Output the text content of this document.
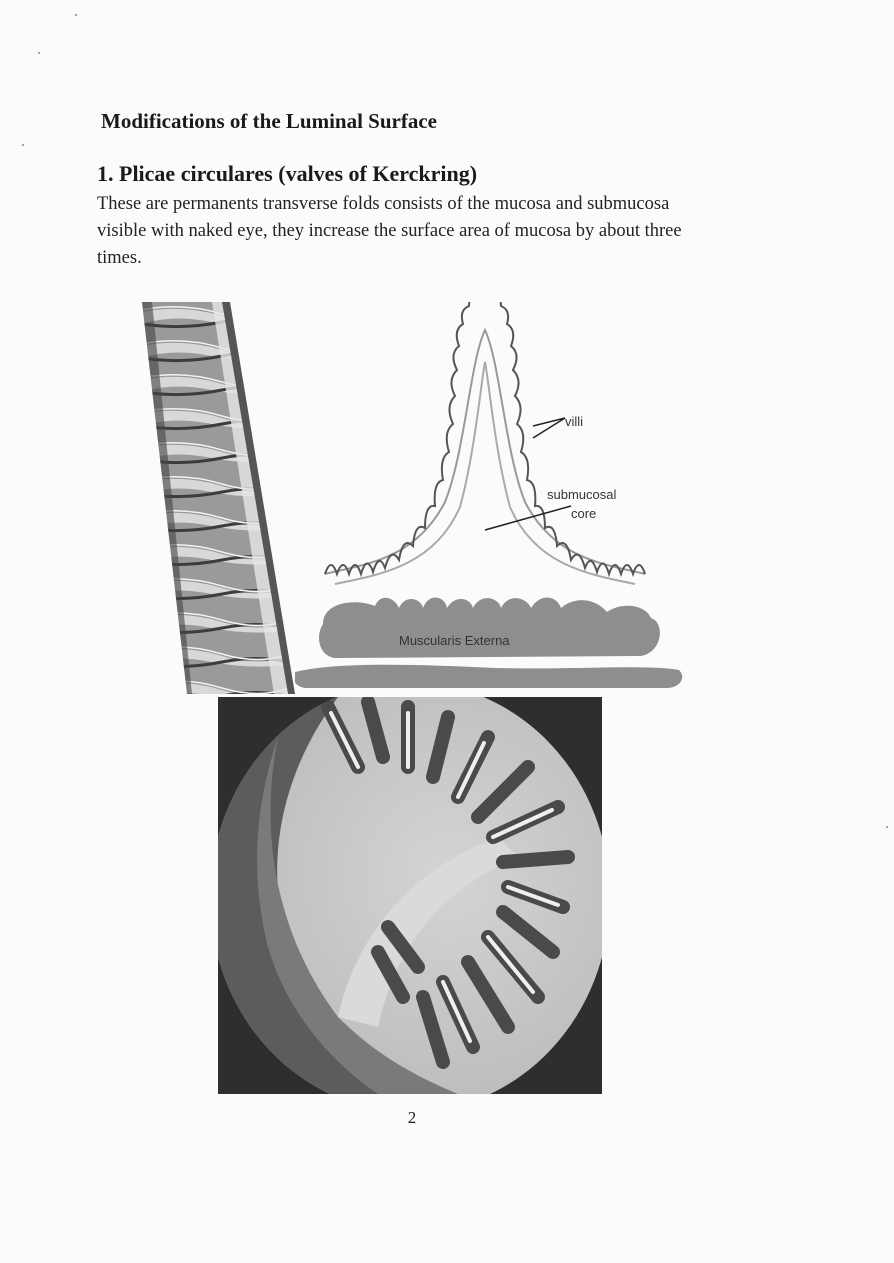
Modifications of the Luminal Surface
1. Plicae circulares (valves of Kerckring)

These are permanents transverse folds consists of the mucosa and submucosa visible with naked eye, they increase the surface area of mucosa by about three times.

villi
submucosal
core
Muscularis Externa

2
